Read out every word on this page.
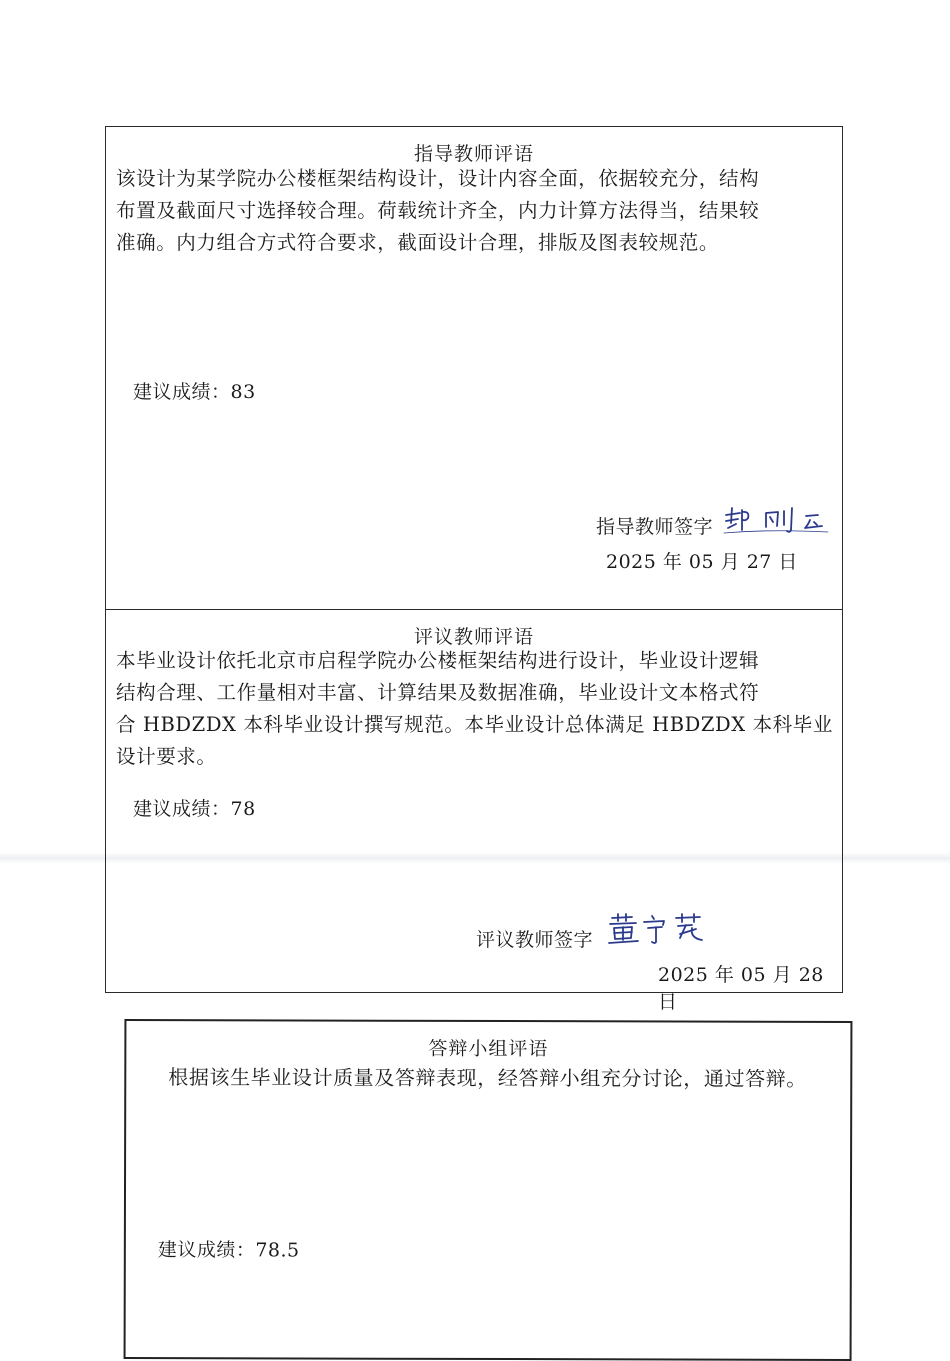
指导教师评语
该设计为某学院办公楼框架结构设计，设计内容全面，依据较充分，结构
布置及截面尺寸选择较合理。荷载统计齐全，内力计算方法得当，结果较
准确。内力组合方式符合要求，截面设计合理，排版及图表较规范。
建议成绩：83
指导教师签字
2025 年 05 月 27 日
评议教师评语
本毕业设计依托北京市启程学院办公楼框架结构进行设计，毕业设计逻辑
结构合理、工作量相对丰富、计算结果及数据准确，毕业设计文本格式符
合 HBDZDX 本科毕业设计撰写规范。本毕业设计总体满足 HBDZDX 本科毕业
设计要求。
建议成绩：78
评议教师签字
2025 年 05 月 28 日
答辩小组评语
根据该生毕业设计质量及答辩表现，经答辩小组充分讨论，通过答辩。
建议成绩：78.5
